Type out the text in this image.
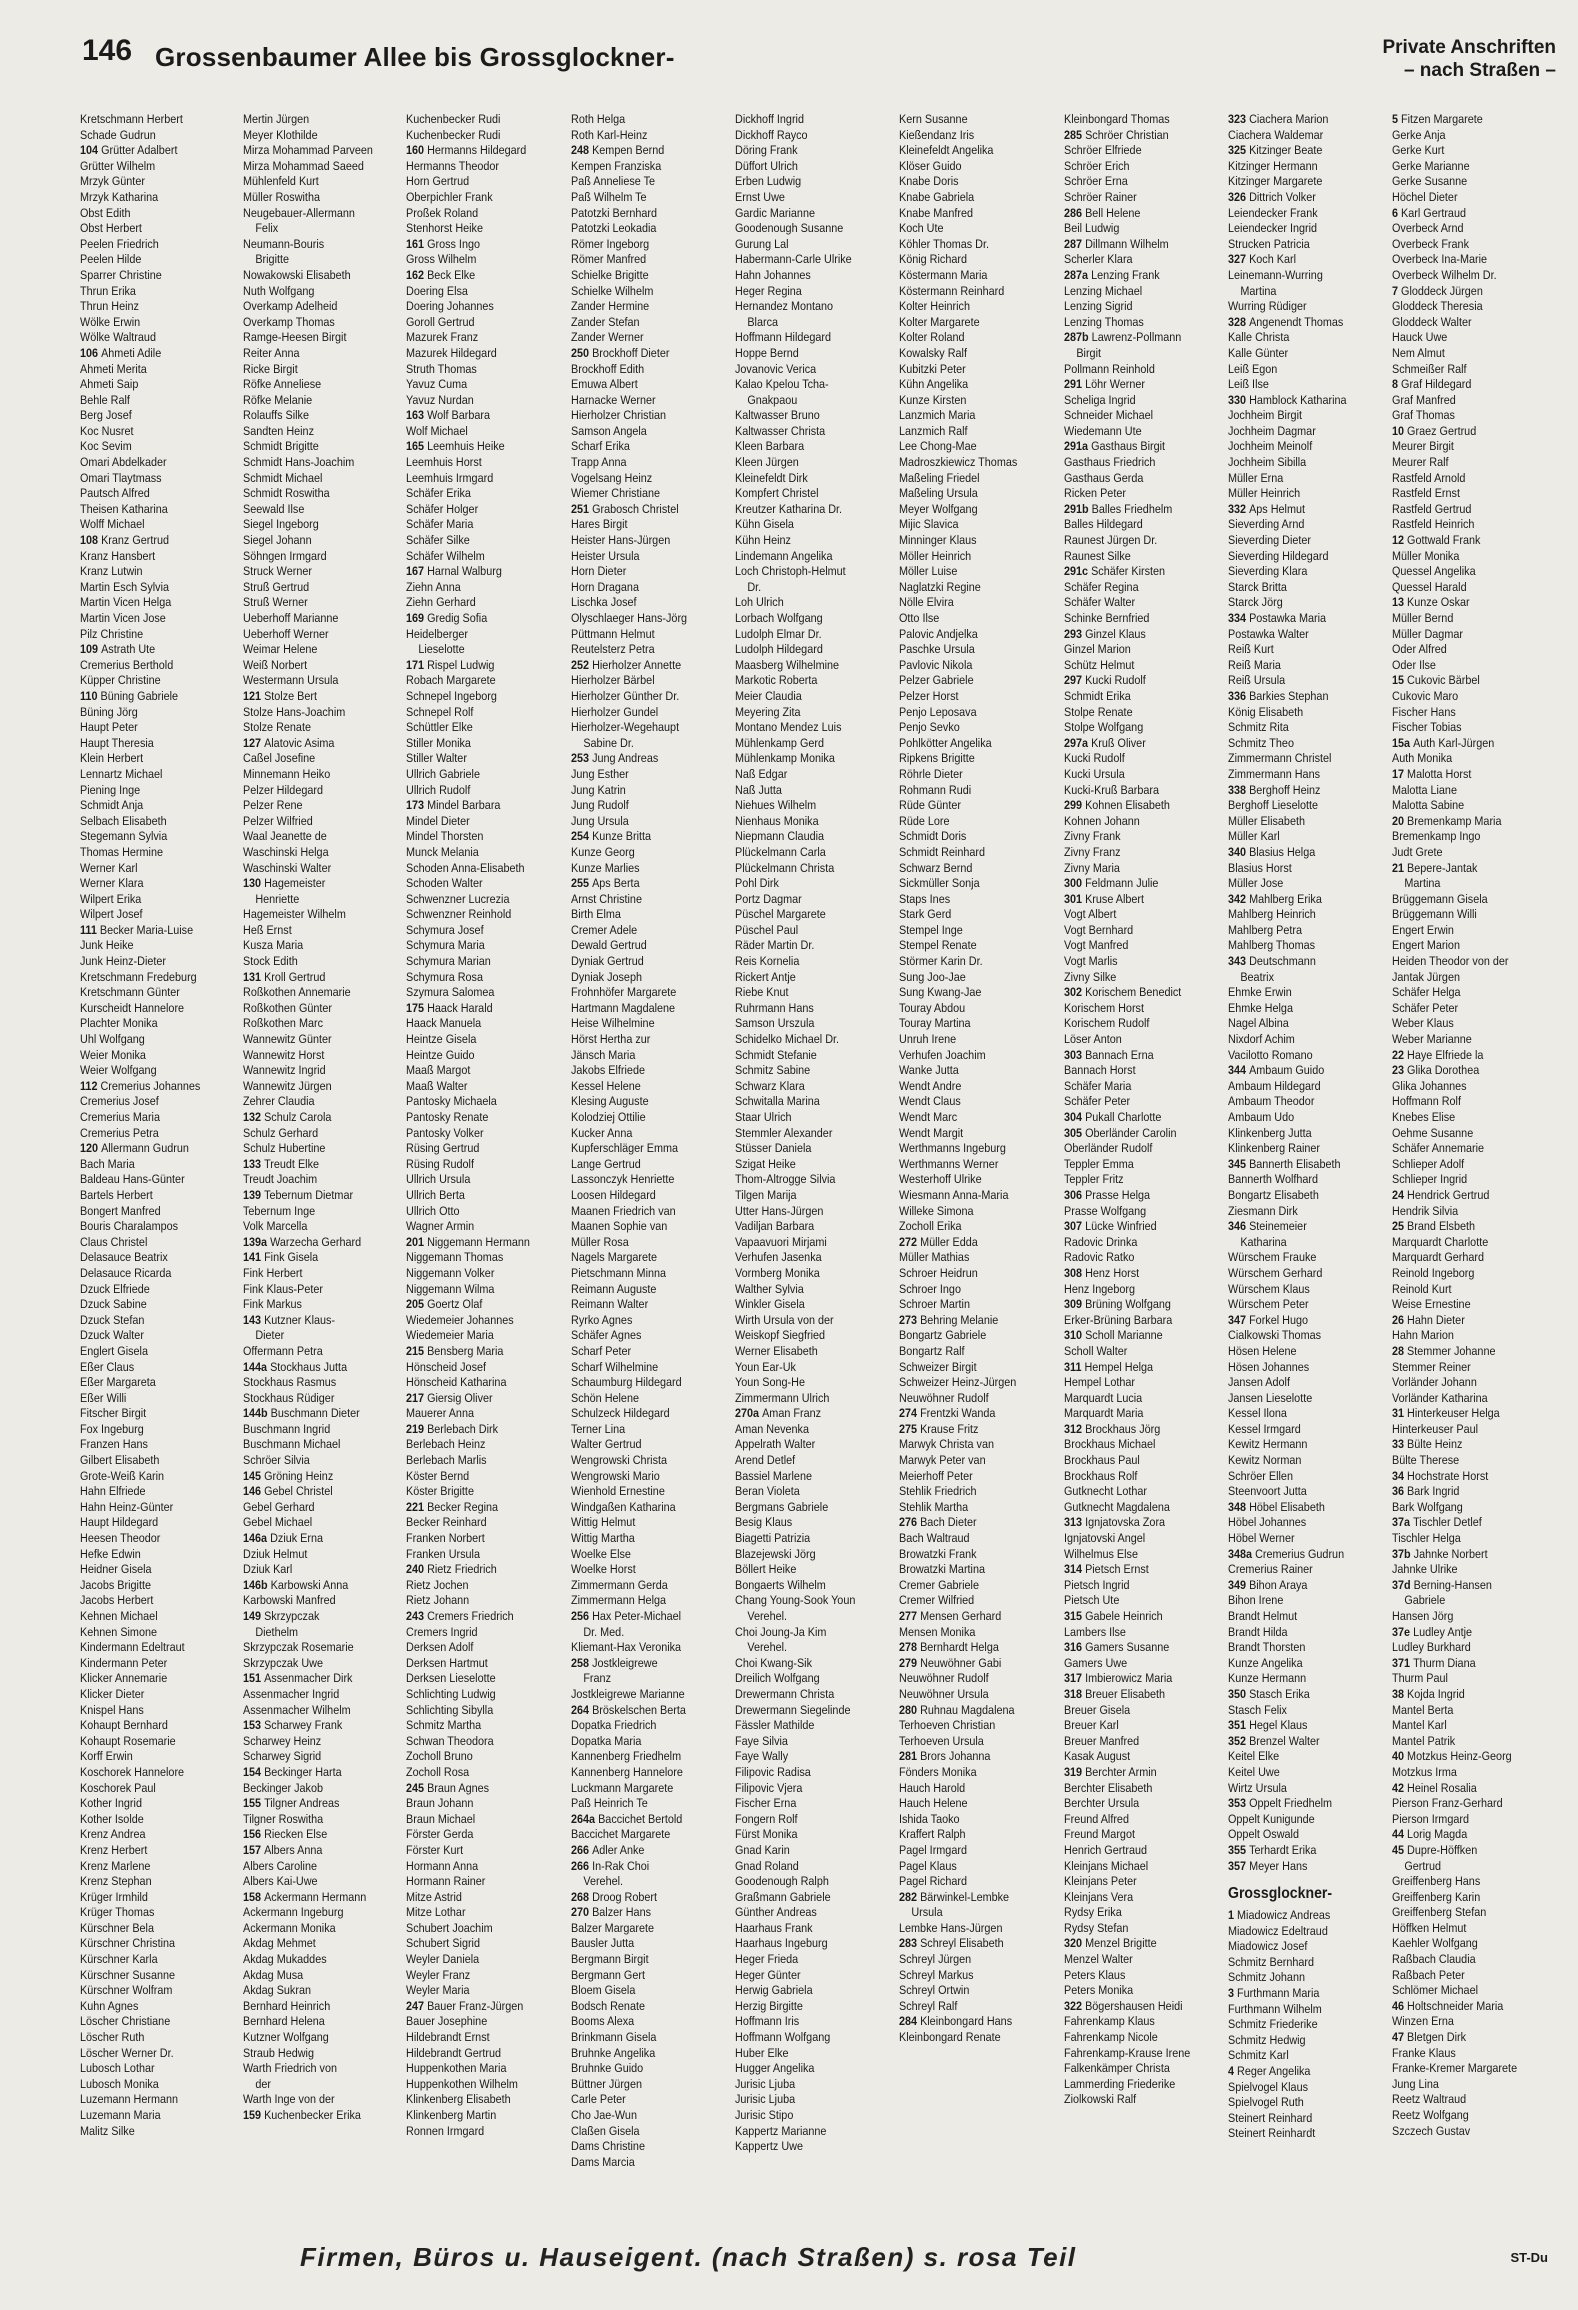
146 Grossenbaumer Allee bis Grossglockner-	Private Anschriften
– nach Straßen –
Kretschmann Herbert
Schade Gudrun
104 Grütter Adalbert
Grütter Wilhelm
Mrzyk Günter
Mrzyk Katharina
Obst Edith
Obst Herbert
Peelen Friedrich
Peelen Hilde
Sparrer Christine
Thrun Erika
Thrun Heinz
Wölke Erwin
Wölke Waltraud
106 Ahmeti Adile
Ahmeti Merita
Ahmeti Saip
Behle Ralf
Berg Josef
Koc Nusret
Koc Sevim
Omari Abdelkader
Omari Tlaytmass
Pautsch Alfred
Theisen Katharina
Wolff Michael
108 Kranz Gertrud
Kranz Hansbert
Kranz Lutwin
Martin Esch Sylvia
Martin Vicen Helga
Martin Vicen Jose
Pilz Christine
109 Astrath Ute
Cremerius Berthold
Küpper Christine
110 Büning Gabriele
Büning Jörg
Haupt Peter
Haupt Theresia
Klein Herbert
Lennartz Michael
Piening Inge
Schmidt Anja
Selbach Elisabeth
Stegemann Sylvia
Thomas Hermine
Werner Karl
Werner Klara
Wilpert Erika
Wilpert Josef
111 Becker Maria-Luise
Junk Heike
Junk Heinz-Dieter
Kretschmann Fredeburg
Kretschmann Günter
Kurscheidt Hannelore
Plachter Monika
Uhl Wolfgang
Weier Monika
Weier Wolfgang
112 Cremerius Johannes
Cremerius Josef
Cremerius Maria
Cremerius Petra
120 Allermann Gudrun
Bach Maria
Baldeau Hans-Günter
Bartels Herbert
Bongert Manfred
Bouris Charalampos
Claus Christel
Delasauce Beatrix
Delasauce Ricarda
Dzuck Elfriede
Dzuck Sabine
Dzuck Stefan
Dzuck Walter
Englert Gisela
Eßer Claus
Eßer Margareta
Eßer Willi
Fitscher Birgit
Fox Ingeburg
Franzen Hans
Gilbert Elisabeth
Grote-Weiß Karin
Hahn Elfriede
Hahn Heinz-Günter
Haupt Hildegard
Heesen Theodor
Hefke Edwin
Heidner Gisela
Jacobs Brigitte
Jacobs Herbert
Kehnen Michael
Kehnen Simone
Kindermann Edeltraut
Kindermann Peter
Klicker Annemarie
Klicker Dieter
Knispel Hans
Kohaupt Bernhard
Kohaupt Rosemarie
Korff Erwin
Koschorek Hannelore
Koschorek Paul
Kother Ingrid
Kother Isolde
Krenz Andrea
Krenz Herbert
Krenz Marlene
Krenz Stephan
Krüger Irmhild
Krüger Thomas
Kürschner Bela
Kürschner Christina
Kürschner Karla
Kürschner Susanne
Kürschner Wolfram
Kuhn Agnes
Löscher Christiane
Löscher Ruth
Löscher Werner Dr.
Lubosch Lothar
Lubosch Monika
Luzemann Hermann
Luzemann Maria
Malitz Silke
Mertin Jürgen
Meyer Klothilde
Mirza Mohammad Parveen
Mirza Mohammad Saeed
Mühlenfeld Kurt
Müller Roswitha
Neugebauer-Allermann
Felix
Neumann-Bouris
Brigitte
Nowakowski Elisabeth
Nuth Wolfgang
Overkamp Adelheid
Overkamp Thomas
Ramge-Heesen Birgit
Reiter Anna
Ricke Birgit
Röfke Anneliese
Röfke Melanie
Rolauffs Silke
Sandten Heinz
Schmidt Brigitte
Schmidt Hans-Joachim
Schmidt Michael
Schmidt Roswitha
Seewald Ilse
Siegel Ingeborg
Siegel Johann
Söhngen Irmgard
Struck Werner
Struß Gertrud
Struß Werner
Ueberhoff Marianne
Ueberhoff Werner
Weimar Helene
Weiß Norbert
Westermann Ursula
121 Stolze Bert
Stolze Hans-Joachim
Stolze Renate
127 Alatovic Asima
Caßel Josefine
Minnemann Heiko
Pelzer Hildegard
Pelzer Rene
Pelzer Wilfried
Waal Jeanette de
Waschinski Helga
Waschinski Walter
130 Hagemeister
Henriette
Hagemeister Wilhelm
Heß Ernst
Kusza Maria
Stock Edith
131 Kroll Gertrud
Roßkothen Annemarie
Roßkothen Günter
Roßkothen Marc
Wannewitz Günter
Wannewitz Horst
Wannewitz Ingrid
Wannewitz Jürgen
Zehrer Claudia
132 Schulz Carola
Schulz Gerhard
Schulz Hubertine
133 Treudt Elke
Treudt Joachim
139 Tebernum Dietmar
Tebernum Inge
Volk Marcella
139a Warzecha Gerhard
141 Fink Gisela
Fink Herbert
Fink Klaus-Peter
Fink Markus
143 Kutzner Klaus-
Dieter
Offermann Petra
144a Stockhaus Jutta
Stockhaus Rasmus
Stockhaus Rüdiger
144b Buschmann Dieter
Buschmann Ingrid
Buschmann Michael
Schröer Silvia
145 Gröning Heinz
146 Gebel Christel
Gebel Gerhard
Gebel Michael
146a Dziuk Erna
Dziuk Helmut
Dziuk Karl
146b Karbowski Anna
Karbowski Manfred
149 Skrzypczak
Diethelm
Skrzypczak Rosemarie
Skrzypczak Uwe
151 Assenmacher Dirk
Assenmacher Ingrid
Assenmacher Wilhelm
153 Scharwey Frank
Scharwey Heinz
Scharwey Sigrid
154 Beckinger Harta
Beckinger Jakob
155 Tilgner Andreas
Tilgner Roswitha
156 Riecken Else
157 Albers Anna
Albers Caroline
Albers Kai-Uwe
158 Ackermann Hermann
Ackermann Ingeburg
Ackermann Monika
Akdag Mehmet
Akdag Mukaddes
Akdag Musa
Akdag Sukran
Bernhard Heinrich
Bernhard Helena
Kutzner Wolfgang
Straub Hedwig
Warth Friedrich von
der
Warth Inge von der
159 Kuchenbecker Erika
Kuchenbecker Rudi
Kuchenbecker Rudi
160 Hermanns Hildegard
Hermanns Theodor
Horn Gertrud
Oberpichler Frank
Proßek Roland
Stenhorst Heike
161 Gross Ingo
Gross Wilhelm
162 Beck Elke
Doering Elsa
Doering Johannes
Goroll Gertrud
Mazurek Franz
Mazurek Hildegard
Struth Thomas
Yavuz Cuma
Yavuz Nurdan
163 Wolf Barbara
Wolf Michael
165 Leemhuis Heike
Leemhuis Horst
Leemhuis Irmgard
Schäfer Erika
Schäfer Holger
Schäfer Maria
Schäfer Silke
Schäfer Wilhelm
167 Harnal Walburg
Ziehn Anna
Ziehn Gerhard
169 Gredig Sofia
Heidelberger
Lieselotte
171 Rispel Ludwig
Robach Margarete
Schnepel Ingeborg
Schnepel Rolf
Schüttler Elke
Stiller Monika
Stiller Walter
Ullrich Gabriele
Ullrich Rudolf
173 Mindel Barbara
Mindel Dieter
Mindel Thorsten
Munck Melania
Schoden Anna-Elisabeth
Schoden Walter
Schwenzner Lucrezia
Schwenzner Reinhold
Schymura Josef
Schymura Maria
Schymura Marian
Schymura Rosa
Szymura Salomea
175 Haack Harald
Haack Manuela
Heintze Gisela
Heintze Guido
Maaß Margot
Maaß Walter
Pantosky Michaela
Pantosky Renate
Pantosky Volker
Rüsing Gertrud
Rüsing Rudolf
Ullrich Ursula
Ullrich Berta
Ullrich Otto
Wagner Armin
201 Niggemann Hermann
Niggemann Thomas
Niggemann Volker
Niggemann Wilma
205 Goertz Olaf
Wiedemeier Johannes
Wiedemeier Maria
215 Bensberg Maria
Hönscheid Josef
Hönscheid Katharina
217 Giersig Oliver
Mauerer Anna
219 Berlebach Dirk
Berlebach Heinz
Berlebach Marlis
Köster Bernd
Köster Brigitte
221 Becker Regina
Becker Reinhard
Franken Norbert
Franken Ursula
240 Rietz Friedrich
Rietz Jochen
Rietz Johann
243 Cremers Friedrich
Cremers Ingrid
Derksen Adolf
Derksen Hartmut
Derksen Lieselotte
Schlichting Ludwig
Schlichting Sibylla
Schmitz Martha
Schwan Theodora
Zocholl Bruno
Zocholl Rosa
245 Braun Agnes
Braun Johann
Braun Michael
Förster Gerda
Förster Kurt
Hormann Anna
Hormann Rainer
Mitze Astrid
Mitze Lothar
Schubert Joachim
Schubert Sigrid
Weyler Daniela
Weyler Franz
Weyler Maria
247 Bauer Franz-Jürgen
Bauer Josephine
Hildebrandt Ernst
Hildebrandt Gertrud
Huppenkothen Maria
Huppenkothen Wilhelm
Klinkenberg Elisabeth
Klinkenberg Martin
Ronnen Irmgard
Roth Helga
Roth Karl-Heinz
248 Kempen Bernd
Kempen Franziska
Paß Anneliese Te
Paß Wilhelm Te
Patotzki Bernhard
Patotzki Leokadia
Römer Ingeborg
Römer Manfred
Schielke Brigitte
Schielke Wilhelm
Zander Hermine
Zander Stefan
Zander Werner
250 Brockhoff Dieter
Brockhoff Edith
Emuwa Albert
Harnacke Werner
Hierholzer Christian
Samson Angela
Scharf Erika
Trapp Anna
Vogelsang Heinz
Wiemer Christiane
251 Grabosch Christel
Hares Birgit
Heister Hans-Jürgen
Heister Ursula
Horn Dieter
Horn Dragana
Lischka Josef
Olyschlaeger Hans-Jörg
Püttmann Helmut
Reutelsterz Petra
252 Hierholzer Annette
Hierholzer Bärbel
Hierholzer Günther Dr.
Hierholzer Gundel
Hierholzer-Wegehaupt
Sabine Dr.
253 Jung Andreas
Jung Esther
Jung Katrin
Jung Rudolf
Jung Ursula
254 Kunze Britta
Kunze Georg
Kunze Marlies
255 Aps Berta
Arnst Christine
Birth Elma
Cremer Adele
Dewald Gertrud
Dyniak Gertrud
Dyniak Joseph
Frohnhöfer Margarete
Hartmann Magdalene
Heise Wilhelmine
Hörst Hertha zur
Jänsch Maria
Jakobs Elfriede
Kessel Helene
Klesing Auguste
Kolodziej Ottilie
Kucker Anna
Kupferschläger Emma
Lange Gertrud
Lassonczyk Henriette
Loosen Hildegard
Maanen Friedrich van
Maanen Sophie van
Müller Rosa
Nagels Margarete
Pietschmann Minna
Reimann Auguste
Reimann Walter
Ryrko Agnes
Schäfer Agnes
Scharf Peter
Scharf Wilhelmine
Schaumburg Hildegard
Schön Helene
Schulzeck Hildegard
Terner Lina
Walter Gertrud
Wengrowski Christa
Wengrowski Mario
Wienhold Ernestine
Windgaßen Katharina
Wittig Helmut
Wittig Martha
Woelke Else
Woelke Horst
Zimmermann Gerda
Zimmermann Helga
256 Hax Peter-Michael
Dr. Med.
Kliemant-Hax Veronika
258 Jostkleigrewe
Franz
Jostkleigrewe Marianne
264 Bröskelschen Berta
Dopatka Friedrich
Dopatka Maria
Kannenberg Friedhelm
Kannenberg Hannelore
Luckmann Margarete
Paß Heinrich Te
264a Baccichet Bertold
Baccichet Margarete
266 Adler Anke
266 In-Rak Choi
Verehel.
268 Droog Robert
270 Balzer Hans
Balzer Margarete
Bausler Jutta
Bergmann Birgit
Bergmann Gert
Bloem Gisela
Bodsch Renate
Booms Alexa
Brinkmann Gisela
Bruhnke Angelika
Bruhnke Guido
Büttner Jürgen
Carle Peter
Cho Jae-Wun
Claßen Gisela
Dams Christine
Dams Marcia
Dickhoff Ingrid
Dickhoff Rayco
Döring Frank
Düffort Ulrich
Erben Ludwig
Ernst Uwe
Gardic Marianne
Goodenough Susanne
Gurung Lal
Habermann-Carle Ulrike
Hahn Johannes
Heger Regina
Hernandez Montano
Blarca
Hoffmann Hildegard
Hoppe Bernd
Jovanovic Verica
Kalao Kpelou Tcha-
Gnakpaou
Kaltwasser Bruno
Kaltwasser Christa
Kleen Barbara
Kleen Jürgen
Kleinefeldt Dirk
Kompfert Christel
Kreutzer Katharina Dr.
Kühn Gisela
Kühn Heinz
Lindemann Angelika
Loch Christoph-Helmut
Dr.
Loh Ulrich
Lorbach Wolfgang
Ludolph Elmar Dr.
Ludolph Hildegard
Maasberg Wilhelmine
Markotic Roberta
Meier Claudia
Meyering Zita
Montano Mendez Luis
Mühlenkamp Gerd
Mühlenkamp Monika
Naß Edgar
Naß Jutta
Niehues Wilhelm
Nienhaus Monika
Niepmann Claudia
Plückelmann Carla
Plückelmann Christa
Pohl Dirk
Portz Dagmar
Püschel Margarete
Püschel Paul
Räder Martin Dr.
Reis Kornelia
Rickert Antje
Riebe Knut
Ruhrmann Hans
Samson Urszula
Schidelko Michael Dr.
Schmidt Stefanie
Schmitz Sabine
Schwarz Klara
Schwitalla Marina
Staar Ulrich
Stemmler Alexander
Stüsser Daniela
Szigat Heike
Thom-Altrogge Silvia
Tilgen Marija
Utter Hans-Jürgen
Vadiljan Barbara
Vapaavuori Mirjami
Verhufen Jasenka
Vormberg Monika
Walther Sylvia
Winkler Gisela
Wirth Ursula von der
Weiskopf Siegfried
Werner Elisabeth
Youn Ear-Uk
Youn Song-He
Zimmermann Ulrich
270a Aman Franz
Aman Nevenka
Appelrath Walter
Arend Detlef
Bassiel Marlene
Beran Violeta
Bergmans Gabriele
Besig Klaus
Biagetti Patrizia
Blazejewski Jörg
Böllert Heike
Bongaerts Wilhelm
Chang Young-Sook Youn
Verehel.
Choi Joung-Ja Kim
Verehel.
Choi Kwang-Sik
Dreilich Wolfgang
Drewermann Christa
Drewermann Siegelinde
Fässler Mathilde
Faye Silvia
Faye Wally
Filipovic Radisa
Filipovic Vjera
Fischer Erna
Fongern Rolf
Fürst Monika
Gnad Karin
Gnad Roland
Goodenough Ralph
Graßmann Gabriele
Günther Andreas
Haarhaus Frank
Haarhaus Ingeburg
Heger Frieda
Heger Günter
Herwig Gabriela
Herzig Birgitte
Hoffmann Iris
Hoffmann Wolfgang
Huber Elke
Hugger Angelika
Jurisic Ljuba
Jurisic Ljuba
Jurisic Stipo
Kappertz Marianne
Kappertz Uwe
Kern Susanne
Kießendanz Iris
Kleinefeldt Angelika
Klöser Guido
Knabe Doris
Knabe Gabriela
Knabe Manfred
Koch Ute
Köhler Thomas Dr.
König Richard
Köstermann Maria
Köstermann Reinhard
Kolter Heinrich
Kolter Margarete
Kolter Roland
Kowalsky Ralf
Kubitzki Peter
Kühn Angelika
Kunze Kirsten
Lanzmich Maria
Lanzmich Ralf
Lee Chong-Mae
Madroszkiewicz Thomas
Maßeling Friedel
Maßeling Ursula
Meyer Wolfgang
Mijic Slavica
Minninger Klaus
Möller Heinrich
Möller Luise
Naglatzki Regine
Nölle Elvira
Otto Ilse
Palovic Andjelka
Paschke Ursula
Pavlovic Nikola
Pelzer Gabriele
Pelzer Horst
Penjo Leposava
Penjo Sevko
Pohlkötter Angelika
Ripkens Brigitte
Röhrle Dieter
Rohmann Rudi
Rüde Günter
Rüde Lore
Schmidt Doris
Schmidt Reinhard
Schwarz Bernd
Sickmüller Sonja
Staps Ines
Stark Gerd
Stempel Inge
Stempel Renate
Störmer Karin Dr.
Sung Joo-Jae
Sung Kwang-Jae
Touray Abdou
Touray Martina
Unruh Irene
Verhufen Joachim
Wanke Jutta
Wendt Andre
Wendt Claus
Wendt Marc
Wendt Margit
Werthmanns Ingeburg
Werthmanns Werner
Westerhoff Ulrike
Wiesmann Anna-Maria
Willeke Simona
Zocholl Erika
272 Müller Edda
Müller Mathias
Schroer Heidrun
Schroer Ingo
Schroer Martin
273 Behring Melanie
Bongartz Gabriele
Bongartz Ralf
Schweizer Birgit
Schweizer Heinz-Jürgen
Neuwöhner Rudolf
274 Frentzki Wanda
275 Krause Fritz
Marwyk Christa van
Marwyk Peter van
Meierhoff Peter
Stehlik Friedrich
Stehlik Martha
276 Bach Dieter
Bach Waltraud
Browatzki Frank
Browatzki Martina
Cremer Gabriele
Cremer Wilfried
277 Mensen Gerhard
Mensen Monika
278 Bernhardt Helga
279 Neuwöhner Gabi
Neuwöhner Rudolf
Neuwöhner Ursula
280 Ruhnau Magdalena
Terhoeven Christian
Terhoeven Ursula
281 Brors Johanna
Fönders Monika
Hauch Harold
Hauch Helene
Ishida Taoko
Kraffert Ralph
Pagel Irmgard
Pagel Klaus
Pagel Richard
282 Bärwinkel-Lembke
Ursula
Lembke Hans-Jürgen
283 Schreyl Elisabeth
Schreyl Jürgen
Schreyl Markus
Schreyl Ortwin
Schreyl Ralf
284 Kleinbongard Hans
Kleinbongard Renate
Kleinbongard Thomas
285 Schröer Christian
Schröer Elfriede
Schröer Erich
Schröer Erna
Schröer Rainer
286 Bell Helene
Beil Ludwig
287 Dillmann Wilhelm
Scherler Klara
287a Lenzing Frank
Lenzing Michael
Lenzing Sigrid
Lenzing Thomas
287b Lawrenz-Pollmann
Birgit
Pollmann Reinhold
291 Löhr Werner
Scheliga Ingrid
Schneider Michael
Wiedemann Ute
291a Gasthaus Birgit
Gasthaus Friedrich
Gasthaus Gerda
Ricken Peter
291b Balles Friedhelm
Balles Hildegard
Raunest Jürgen Dr.
Raunest Silke
291c Schäfer Kirsten
Schäfer Regina
Schäfer Walter
Schinke Bernfried
293 Ginzel Klaus
Ginzel Marion
Schütz Helmut
297 Kucki Rudolf
Schmidt Erika
Stolpe Renate
Stolpe Wolfgang
297a Kruß Oliver
Kucki Rudolf
Kucki Ursula
Kucki-Kruß Barbara
299 Kohnen Elisabeth
Kohnen Johann
Zivny Frank
Zivny Franz
Zivny Maria
300 Feldmann Julie
301 Kruse Albert
Vogt Albert
Vogt Bernhard
Vogt Manfred
Vogt Marlis
Zivny Silke
302 Korischem Benedict
Korischem Horst
Korischem Rudolf
Löser Anton
303 Bannach Erna
Bannach Horst
Schäfer Maria
Schäfer Peter
304 Pukall Charlotte
305 Oberländer Carolin
Oberländer Rudolf
Teppler Emma
Teppler Fritz
306 Prasse Helga
Prasse Wolfgang
307 Lücke Winfried
Radovic Drinka
Radovic Ratko
308 Henz Horst
Henz Ingeborg
309 Brüning Wolfgang
Erker-Brüning Barbara
310 Scholl Marianne
Scholl Walter
311 Hempel Helga
Hempel Lothar
Marquardt Lucia
Marquardt Maria
312 Brockhaus Jörg
Brockhaus Michael
Brockhaus Paul
Brockhaus Rolf
Gutknecht Lothar
Gutknecht Magdalena
313 Ignjatovska Zora
Ignjatovski Angel
Wilhelmus Else
314 Pietsch Ernst
Pietsch Ingrid
Pietsch Ute
315 Gabele Heinrich
Lambers Ilse
316 Gamers Susanne
Gamers Uwe
317 Imbierowicz Maria
318 Breuer Elisabeth
Breuer Gisela
Breuer Karl
Breuer Manfred
Kasak August
319 Berchter Armin
Berchter Elisabeth
Berchter Ursula
Freund Alfred
Freund Margot
Henrich Gertraud
Kleinjans Michael
Kleinjans Peter
Kleinjans Vera
Rydsy Erika
Rydsy Stefan
320 Menzel Brigitte
Menzel Walter
Peters Klaus
Peters Monika
322 Bögershausen Heidi
Fahrenkamp Klaus
Fahrenkamp Nicole
Fahrenkamp-Krause Irene
Falkenkämper Christa
Lammerding Friederike
Ziolkowski Ralf
323 Ciachera Marion
Ciachera Waldemar
325 Kitzinger Beate
Kitzinger Hermann
Kitzinger Margarete
326 Dittrich Volker
Leiendecker Frank
Leiendecker Ingrid
Strucken Patricia
327 Koch Karl
Leinemann-Wurring
Martina
Wurring Rüdiger
328 Angenendt Thomas
Kalle Christa
Kalle Günter
Leiß Egon
Leiß Ilse
330 Hamblock Katharina
Jochheim Birgit
Jochheim Dagmar
Jochheim Meinolf
Jochheim Sibilla
Müller Erna
Müller Heinrich
332 Aps Helmut
Sieverding Arnd
Sieverding Dieter
Sieverding Hildegard
Sieverding Klara
Starck Britta
Starck Jörg
334 Postawka Maria
Postawka Walter
Reiß Kurt
Reiß Maria
Reiß Ursula
336 Barkies Stephan
König Elisabeth
Schmitz Rita
Schmitz Theo
Zimmermann Christel
Zimmermann Hans
338 Berghoff Heinz
Berghoff Lieselotte
Müller Elisabeth
Müller Karl
340 Blasius Helga
Blasius Horst
Müller Jose
342 Mahlberg Erika
Mahlberg Heinrich
Mahlberg Petra
Mahlberg Thomas
343 Deutschmann
Beatrix
Ehmke Erwin
Ehmke Helga
Nagel Albina
Nixdorf Achim
Vacilotto Romano
344 Ambaum Guido
Ambaum Hildegard
Ambaum Theodor
Ambaum Udo
Klinkenberg Jutta
Klinkenberg Rainer
345 Bannerth Elisabeth
Bannerth Wolfhard
Bongartz Elisabeth
Ziesmann Dirk
346 Steinemeier
Katharina
Würschem Frauke
Würschem Gerhard
Würschem Klaus
Würschem Peter
347 Forkel Hugo
Cialkowski Thomas
Hösen Helene
Hösen Johannes
Jansen Adolf
Jansen Lieselotte
Kessel Ilona
Kessel Irmgard
Kewitz Hermann
Kewitz Norman
Schröer Ellen
Steenvoort Jutta
348 Höbel Elisabeth
Höbel Johannes
Höbel Werner
348a Cremerius Gudrun
Cremerius Rainer
349 Bihon Araya
Bihon Irene
Brandt Helmut
Brandt Hilda
Brandt Thorsten
Kunze Angelika
Kunze Hermann
350 Stasch Erika
Stasch Felix
351 Hegel Klaus
352 Brenzel Walter
Keitel Elke
Keitel Uwe
Wirtz Ursula
353 Oppelt Friedhelm
Oppelt Kunigunde
Oppelt Oswald
355 Terhardt Erika
357 Meyer Hans
Grossglockner-
1 Miadowicz Andreas
Miadowicz Edeltraud
Miadowicz Josef
Schmitz Bernhard
Schmitz Johann
3 Furthmann Maria
Furthmann Wilhelm
Schmitz Friederike
Schmitz Hedwig
Schmitz Karl
4 Reger Angelika
Spielvogel Klaus
Spielvogel Ruth
Steinert Reinhard
Steinert Reinhardt
5 Fitzen Margarete
Gerke Anja
Gerke Kurt
Gerke Marianne
Gerke Susanne
Höchel Dieter
6 Karl Gertraud
Overbeck Arnd
Overbeck Frank
Overbeck Ina-Marie
Overbeck Wilhelm Dr.
7 Gloddeck Jürgen
Gloddeck Theresia
Gloddeck Walter
Hauck Uwe
Nem Almut
Schmeißer Ralf
8 Graf Hildegard
Graf Manfred
Graf Thomas
10 Graez Gertrud
Meurer Birgit
Meurer Ralf
Rastfeld Arnold
Rastfeld Ernst
Rastfeld Gertrud
Rastfeld Heinrich
12 Gottwald Frank
Müller Monika
Quessel Angelika
Quessel Harald
13 Kunze Oskar
Müller Bernd
Müller Dagmar
Oder Alfred
Oder Ilse
15 Cukovic Bärbel
Cukovic Maro
Fischer Hans
Fischer Tobias
15a Auth Karl-Jürgen
Auth Monika
17 Malotta Horst
Malotta Liane
Malotta Sabine
20 Bremenkamp Maria
Bremenkamp Ingo
Judt Grete
21 Bepere-Jantak
Martina
Brüggemann Gisela
Brüggemann Willi
Engert Erwin
Engert Marion
Heiden Theodor von der
Jantak Jürgen
Schäfer Helga
Schäfer Peter
Weber Klaus
Weber Marianne
22 Haye Elfriede la
23 Glika Dorothea
Glika Johannes
Hoffmann Rolf
Knebes Elise
Oehme Susanne
Schäfer Annemarie
Schlieper Adolf
Schlieper Ingrid
24 Hendrick Gertrud
Hendrik Silvia
25 Brand Elsbeth
Marquardt Charlotte
Marquardt Gerhard
Reinold Ingeborg
Reinold Kurt
Weise Ernestine
26 Hahn Dieter
Hahn Marion
28 Stemmer Johanne
Stemmer Reiner
Vorländer Johann
Vorländer Katharina
31 Hinterkeuser Helga
Hinterkeuser Paul
33 Bülte Heinz
Bülte Therese
34 Hochstrate Horst
36 Bark Ingrid
Bark Wolfgang
37a Tischler Detlef
Tischler Helga
37b Jahnke Norbert
Jahnke Ulrike
37d Berning-Hansen
Gabriele
Hansen Jörg
37e Ludley Antje
Ludley Burkhard
371 Thurm Diana
Thurm Paul
38 Kojda Ingrid
Mantel Berta
Mantel Karl
Mantel Patrik
40 Motzkus Heinz-Georg
Motzkus Irma
42 Heinel Rosalia
Pierson Franz-Gerhard
Pierson Irmgard
44 Lorig Magda
45 Dupre-Höffken
Gertrud
Greiffenberg Hans
Greiffenberg Karin
Greiffenberg Stefan
Höffken Helmut
Kaehler Wolfgang
Raßbach Claudia
Raßbach Peter
Schlömer Michael
46 Holtschneider Maria
Winzen Erna
47 Bletgen Dirk
Franke Klaus
Franke-Kremer Margarete
Jung Lina
Reetz Waltraud
Reetz Wolfgang
Szczech Gustav
Firmen, Büros u. Hauseigent. (nach Straßen) s. rosa Teil	ST-Du
